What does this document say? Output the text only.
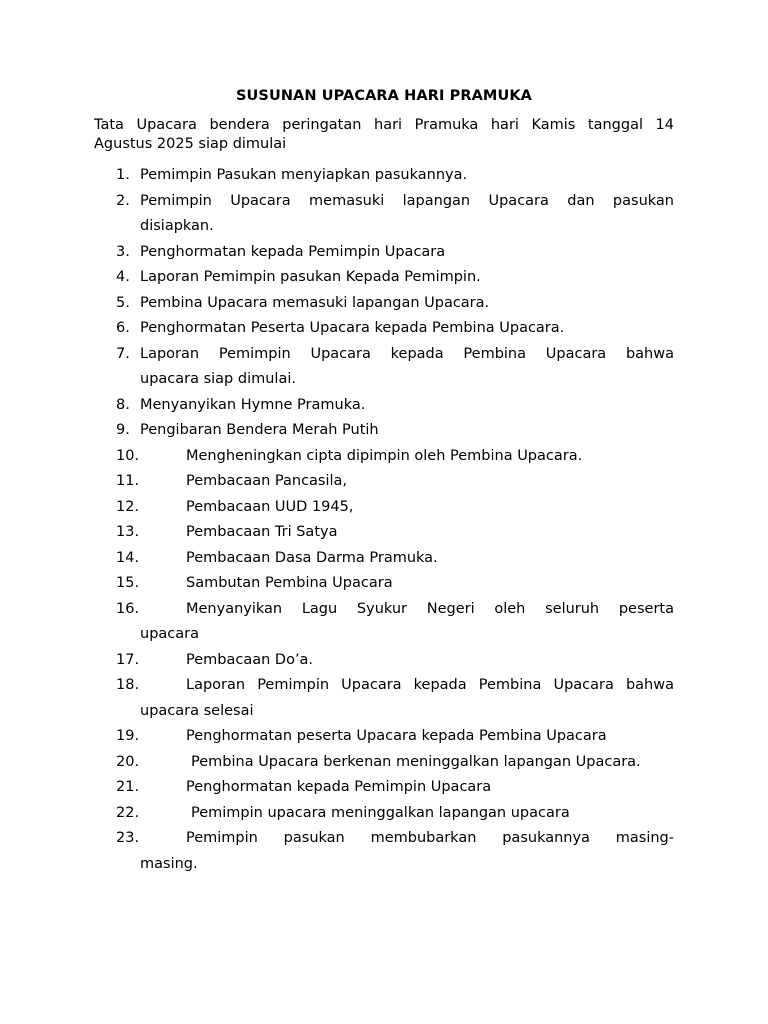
SUSUNAN UPACARA HARI PRAMUKA
Tata Upacara bendera peringatan hari Pramuka hari Kamis tanggal 14
Agustus 2025 siap dimulai
1. Pemimpin Pasukan menyiapkan pasukannya.
2. Pemimpin Upacara memasuki lapangan Upacara dan pasukan
disiapkan.
3. Penghormatan kepada Pemimpin Upacara
4. Laporan Pemimpin pasukan Kepada Pemimpin.
5. Pembina Upacara memasuki lapangan Upacara.
6. Penghormatan Peserta Upacara kepada Pembina Upacara.
7. Laporan Pemimpin Upacara kepada Pembina Upacara bahwa
upacara siap dimulai.
8. Menyanyikan Hymne Pramuka.
9. Pengibaran Bendera Merah Putih
10.	Mengheningkan cipta dipimpin oleh Pembina Upacara.
11.	Pembacaan Pancasila,
12.	Pembacaan UUD 1945,
13.	Pembacaan Tri Satya
14.	Pembacaan Dasa Darma Pramuka.
15.	Sambutan Pembina Upacara
16.	Menyanyikan Lagu Syukur Negeri oleh seluruh peserta
upacara
17.	Pembacaan Do’a.
18.	Laporan Pemimpin Upacara kepada Pembina Upacara bahwa
upacara selesai
19.	Penghormatan peserta Upacara kepada Pembina Upacara
20.	Pembina Upacara berkenan meninggalkan lapangan Upacara.
21.	Penghormatan kepada Pemimpin Upacara
22.	Pemimpin upacara meninggalkan lapangan upacara
23.	Pemimpin pasukan membubarkan pasukannya masing-
masing.
